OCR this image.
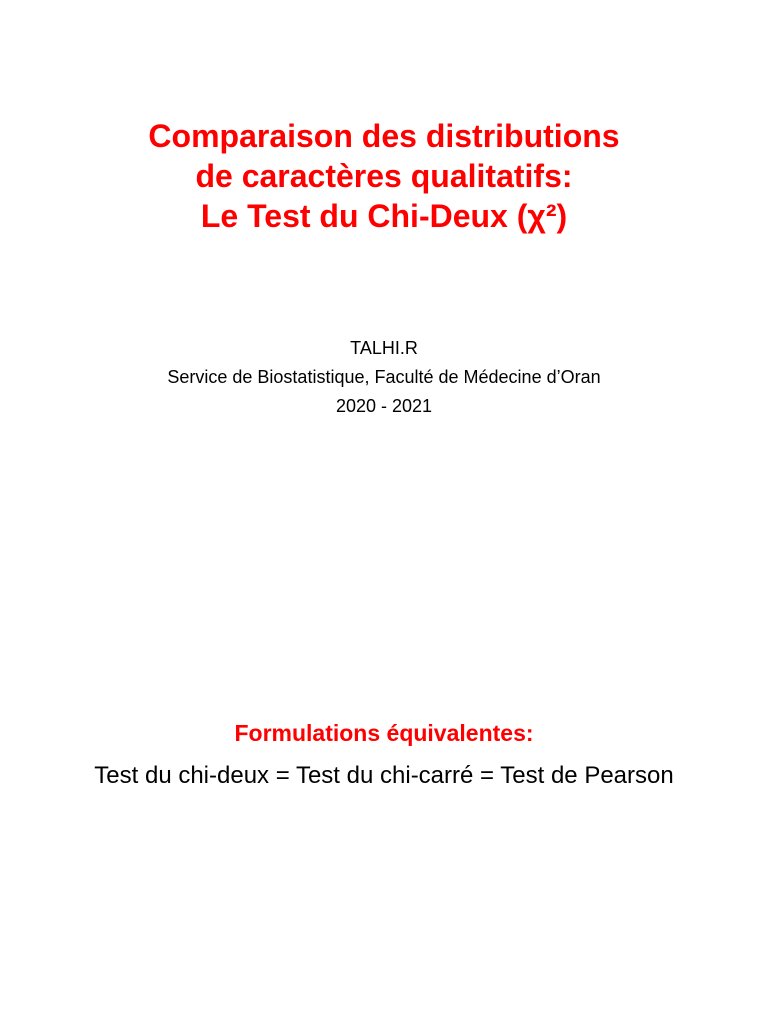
Comparaison des distributions
de caractères qualitatifs:
Le Test du Chi-Deux (χ²)
TALHI.R
Service de Biostatistique, Faculté de Médecine d’Oran
2020 - 2021
Formulations équivalentes:
Test du chi-deux = Test du chi-carré = Test de Pearson
